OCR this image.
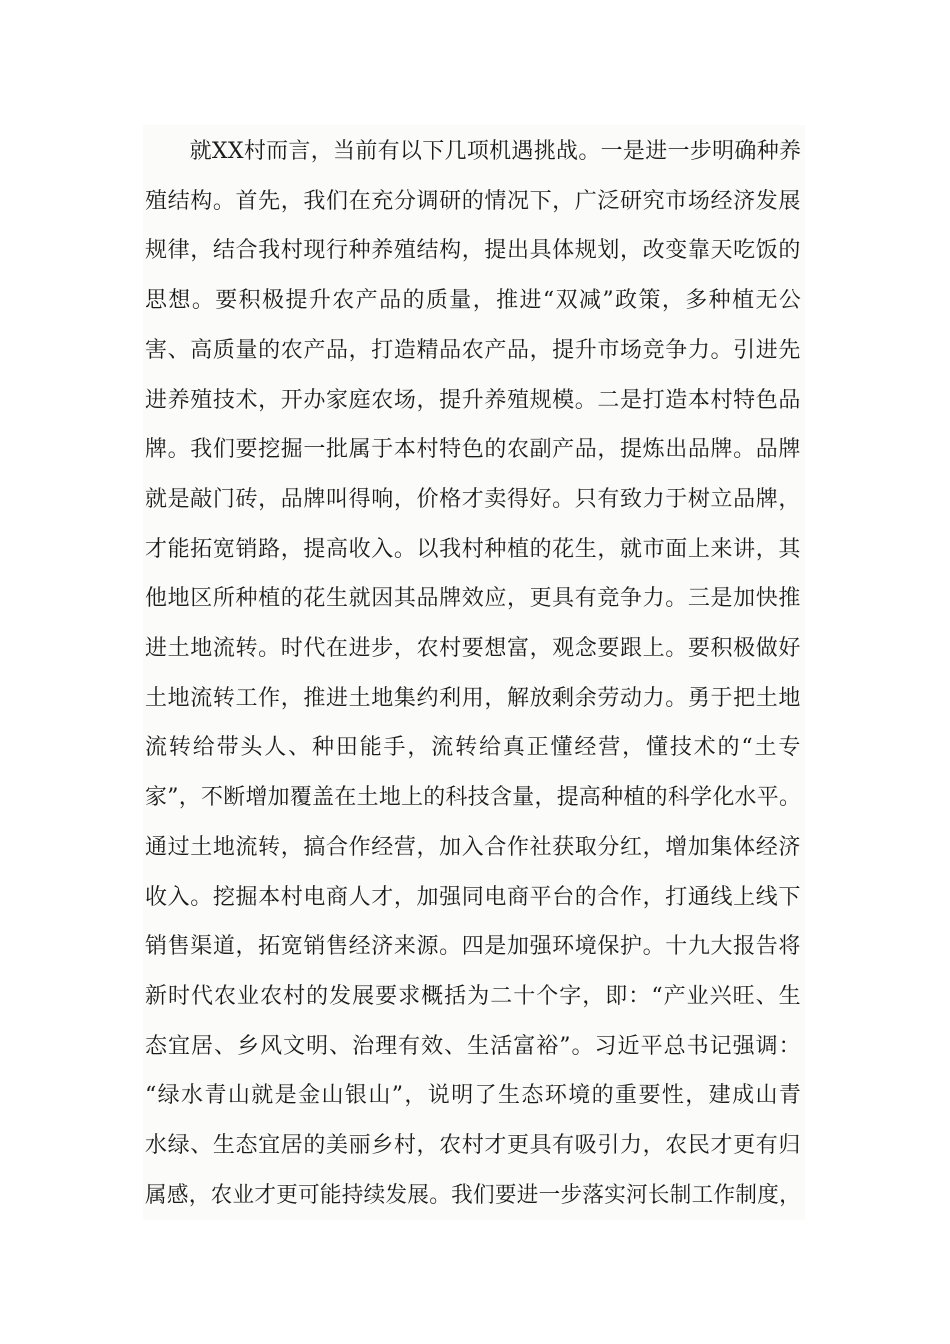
　　就XX村而言，当前有以下几项机遇挑战。一是进一步明确种养
殖结构。首先，我们在充分调研的情况下，广泛研究市场经济发展
规律，结合我村现行种养殖结构，提出具体规划，改变靠天吃饭的
思想。要积极提升农产品的质量，推进“双减”政策，多种植无公
害、高质量的农产品，打造精品农产品，提升市场竞争力。引进先
进养殖技术，开办家庭农场，提升养殖规模。二是打造本村特色品
牌。我们要挖掘一批属于本村特色的农副产品，提炼出品牌。品牌
就是敲门砖，品牌叫得响，价格才卖得好。只有致力于树立品牌，
才能拓宽销路，提高收入。以我村种植的花生，就市面上来讲，其
他地区所种植的花生就因其品牌效应，更具有竞争力。三是加快推
进土地流转。时代在进步，农村要想富，观念要跟上。要积极做好
土地流转工作，推进土地集约利用，解放剩余劳动力。勇于把土地
流转给带头人、种田能手，流转给真正懂经营，懂技术的“土专
家”，不断增加覆盖在土地上的科技含量，提高种植的科学化水平。
通过土地流转，搞合作经营，加入合作社获取分红，增加集体经济
收入。挖掘本村电商人才，加强同电商平台的合作，打通线上线下
销售渠道，拓宽销售经济来源。四是加强环境保护。十九大报告将
新时代农业农村的发展要求概括为二十个字，即：“产业兴旺、生
态宜居、乡风文明、治理有效、生活富裕”。习近平总书记强调：
“绿水青山就是金山银山”，说明了生态环境的重要性，建成山青
水绿、生态宜居的美丽乡村，农村才更具有吸引力，农民才更有归
属感，农业才更可能持续发展。我们要进一步落实河长制工作制度，
